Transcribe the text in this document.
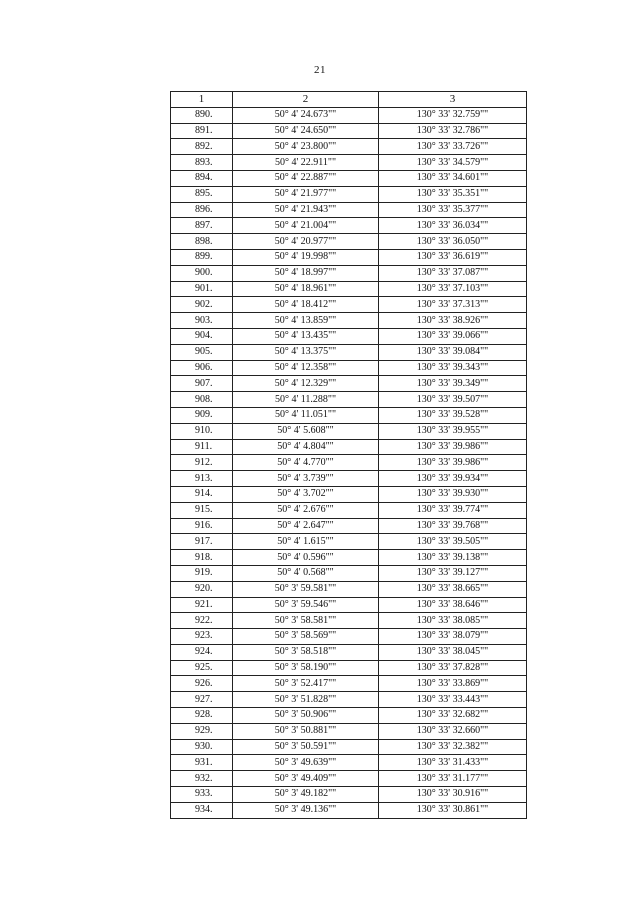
21
1	2	3
890.	50° 4' 24.673""	130° 33' 32.759""
891.	50° 4' 24.650""	130° 33' 32.786""
892.	50° 4' 23.800""	130° 33' 33.726""
893.	50° 4' 22.911""	130° 33' 34.579""
894.	50° 4' 22.887""	130° 33' 34.601""
895.	50° 4' 21.977""	130° 33' 35.351""
896.	50° 4' 21.943""	130° 33' 35.377""
897.	50° 4' 21.004""	130° 33' 36.034""
898.	50° 4' 20.977""	130° 33' 36.050""
899.	50° 4' 19.998""	130° 33' 36.619""
900.	50° 4' 18.997""	130° 33' 37.087""
901.	50° 4' 18.961""	130° 33' 37.103""
902.	50° 4' 18.412""	130° 33' 37.313""
903.	50° 4' 13.859""	130° 33' 38.926""
904.	50° 4' 13.435""	130° 33' 39.066""
905.	50° 4' 13.375""	130° 33' 39.084""
906.	50° 4' 12.358""	130° 33' 39.343""
907.	50° 4' 12.329""	130° 33' 39.349""
908.	50° 4' 11.288""	130° 33' 39.507""
909.	50° 4' 11.051""	130° 33' 39.528""
910.	50° 4' 5.608""	130° 33' 39.955""
911.	50° 4' 4.804""	130° 33' 39.986""
912.	50° 4' 4.770""	130° 33' 39.986""
913.	50° 4' 3.739""	130° 33' 39.934""
914.	50° 4' 3.702""	130° 33' 39.930""
915.	50° 4' 2.676""	130° 33' 39.774""
916.	50° 4' 2.647""	130° 33' 39.768""
917.	50° 4' 1.615""	130° 33' 39.505""
918.	50° 4' 0.596""	130° 33' 39.138""
919.	50° 4' 0.568""	130° 33' 39.127""
920.	50° 3' 59.581""	130° 33' 38.665""
921.	50° 3' 59.546""	130° 33' 38.646""
922.	50° 3' 58.581""	130° 33' 38.085""
923.	50° 3' 58.569""	130° 33' 38.079""
924.	50° 3' 58.518""	130° 33' 38.045""
925.	50° 3' 58.190""	130° 33' 37.828""
926.	50° 3' 52.417""	130° 33' 33.869""
927.	50° 3' 51.828""	130° 33' 33.443""
928.	50° 3' 50.906""	130° 33' 32.682""
929.	50° 3' 50.881""	130° 33' 32.660""
930.	50° 3' 50.591""	130° 33' 32.382""
931.	50° 3' 49.639""	130° 33' 31.433""
932.	50° 3' 49.409""	130° 33' 31.177""
933.	50° 3' 49.182""	130° 33' 30.916""
934.	50° 3' 49.136""	130° 33' 30.861""
